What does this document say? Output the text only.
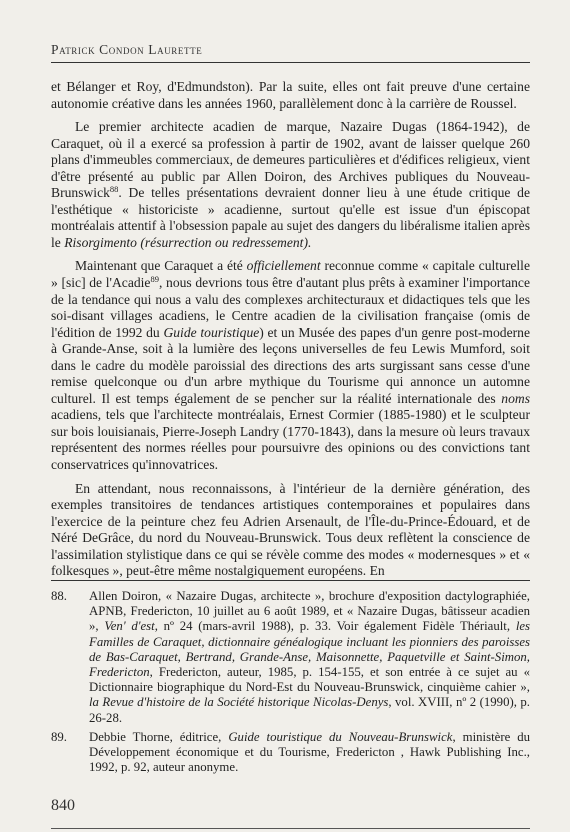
Patrick Condon Laurette

et Bélanger et Roy, d'Edmundston). Par la suite, elles ont fait preuve d'une certaine autonomie créative dans les années 1960, parallèlement donc à la carrière de Roussel.

Le premier architecte acadien de marque, Nazaire Dugas (1864-1942), de Caraquet, où il a exercé sa profession à partir de 1902, avant de laisser quelque 260 plans d'immeubles commerciaux, de demeures particulières et d'édifices religieux, vient d'être présenté au public par Allen Doiron, des Archives publiques du Nouveau-Brunswick$^{88}$. De telles présentations devraient donner lieu à une étude critique de l'esthétique « historiciste » acadienne, surtout qu'elle est issue d'un épiscopat montréalais attentif à l'obsession papale au sujet des dangers du libéralisme italien après le Risorgimento (résurrection ou redressement).

Maintenant que Caraquet a été officiellement reconnue comme « capitale culturelle » [sic] de l'Acadie$^{89}$, nous devrions tous être d'autant plus prêts à examiner l'importance de la tendance qui nous a valu des complexes architecturaux et didactiques tels que les soi-disant villages acadiens, le Centre acadien de la civilisation française (omis de l'édition de 1992 du Guide touristique) et un Musée des papes d'un genre post-moderne à Grande-Anse, soit à la lumière des leçons universelles de feu Lewis Mumford, soit dans le cadre du modèle paroissial des directions des arts surgissant sans cesse d'une remise quelconque ou d'un arbre mythique du Tourisme qui annonce un automne culturel. Il est temps également de se pencher sur la réalité internationale des noms acadiens, tels que l'architecte montréalais, Ernest Cormier (1885-1980) et le sculpteur sur bois louisianais, Pierre-Joseph Landry (1770-1843), dans la mesure où leurs travaux représentent des normes réelles pour poursuivre des opinions ou des convictions tant conservatrices qu'innovatrices.

En attendant, nous reconnaissons, à l'intérieur de la dernière génération, des exemples transitoires de tendances artistiques contemporaines et populaires dans l'exercice de la peinture chez feu Adrien Arsenault, de l'Île-du-Prince-Édouard, et de Néré DeGrâce, du nord du Nouveau-Brunswick. Tous deux reflètent la conscience de l'assimilation stylistique dans ce qui se révèle comme des modes « modernesques » et « folkesques », peut-être même nostalgiquement européens. En

88.	Allen Doiron, « Nazaire Dugas, architecte », brochure d'exposition dactylographiée, APNB, Fredericton, 10 juillet au 6 août 1989, et « Nazaire Dugas, bâtisseur acadien », Ven' d'est, nº 24 (mars-avril 1988), p. 33. Voir également Fidèle Thériault, les Familles de Caraquet, dictionnaire généalogique incluant les pionniers des paroisses de Bas-Caraquet, Bertrand, Grande-Anse, Maisonnette, Paquetville et Saint-Simon, Fredericton, Fredericton, auteur, 1985, p. 154-155, et son entrée à ce sujet au « Dictionnaire biographique du Nord-Est du Nouveau-Brunswick, cinquième cahier », la Revue d'histoire de la Société historique Nicolas-Denys, vol. XVIII, nº 2 (1990), p. 26-28.
89.	Debbie Thorne, éditrice, Guide touristique du Nouveau-Brunswick, ministère du Développement économique et du Tourisme, Fredericton , Hawk Publishing Inc., 1992, p. 92, auteur anonyme.
840
